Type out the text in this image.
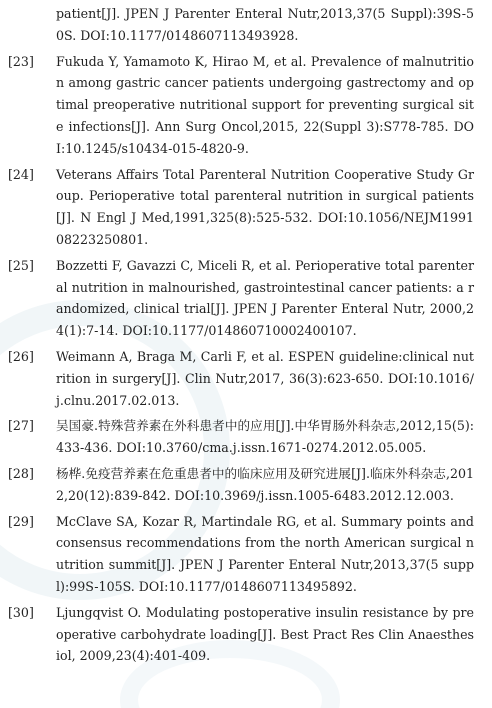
patient[J]. JPEN J Parenter Enteral Nutr,2013,37(5 Suppl):39S-50S. DOI:10.1177/0148607113493928.
[23]	Fukuda Y, Yamamoto K, Hirao M, et al. Prevalence of malnutrition among gastric cancer patients undergoing gastrectomy and optimal preoperative nutritional support for preventing surgical site infections[J]. Ann Surg Oncol,2015, 22(Suppl 3):S778-785. DOI:10.1245/s10434-015-4820-9.
[24]	Veterans Affairs Total Parenteral Nutrition Cooperative Study Group. Perioperative total parenteral nutrition in surgical patients [J]. N Engl J Med,1991,325(8):525-532. DOI:10.1056/NEJM199108223250801.
[25]	Bozzetti F, Gavazzi C, Miceli R, et al. Perioperative total parenteral nutrition in malnourished, gastrointestinal cancer patients: a randomized, clinical trial[J]. JPEN J Parenter Enteral Nutr, 2000,24(1):7-14. DOI:10.1177/014860710002400107.
[26]	Weimann A, Braga M, Carli F, et al. ESPEN guideline:clinical nutrition in surgery[J]. Clin Nutr,2017, 36(3):623-650. DOI:10.1016/j.clnu.2017.02.013.
[27]	吴国豪.特殊营养素在外科患者中的应用[J].中华胃肠外科杂志,2012,15(5):433-436. DOI:10.3760/cma.j.issn.1671-0274.2012.05.005.
[28]	杨桦.免疫营养素在危重患者中的临床应用及研究进展[J].临床外科杂志,2012,20(12):839-842. DOI:10.3969/j.issn.1005-6483.2012.12.003.
[29]	McClave SA, Kozar R, Martindale RG, et al. Summary points and consensus recommendations from the north American surgical nutrition summit[J]. JPEN J Parenter Enteral Nutr,2013,37(5 suppl):99S-105S. DOI:10.1177/0148607113495892.
[30]	Ljungqvist O. Modulating postoperative insulin resistance by preoperative carbohydrate loading[J]. Best Pract Res Clin Anaesthesiol, 2009,23(4):401-409.
